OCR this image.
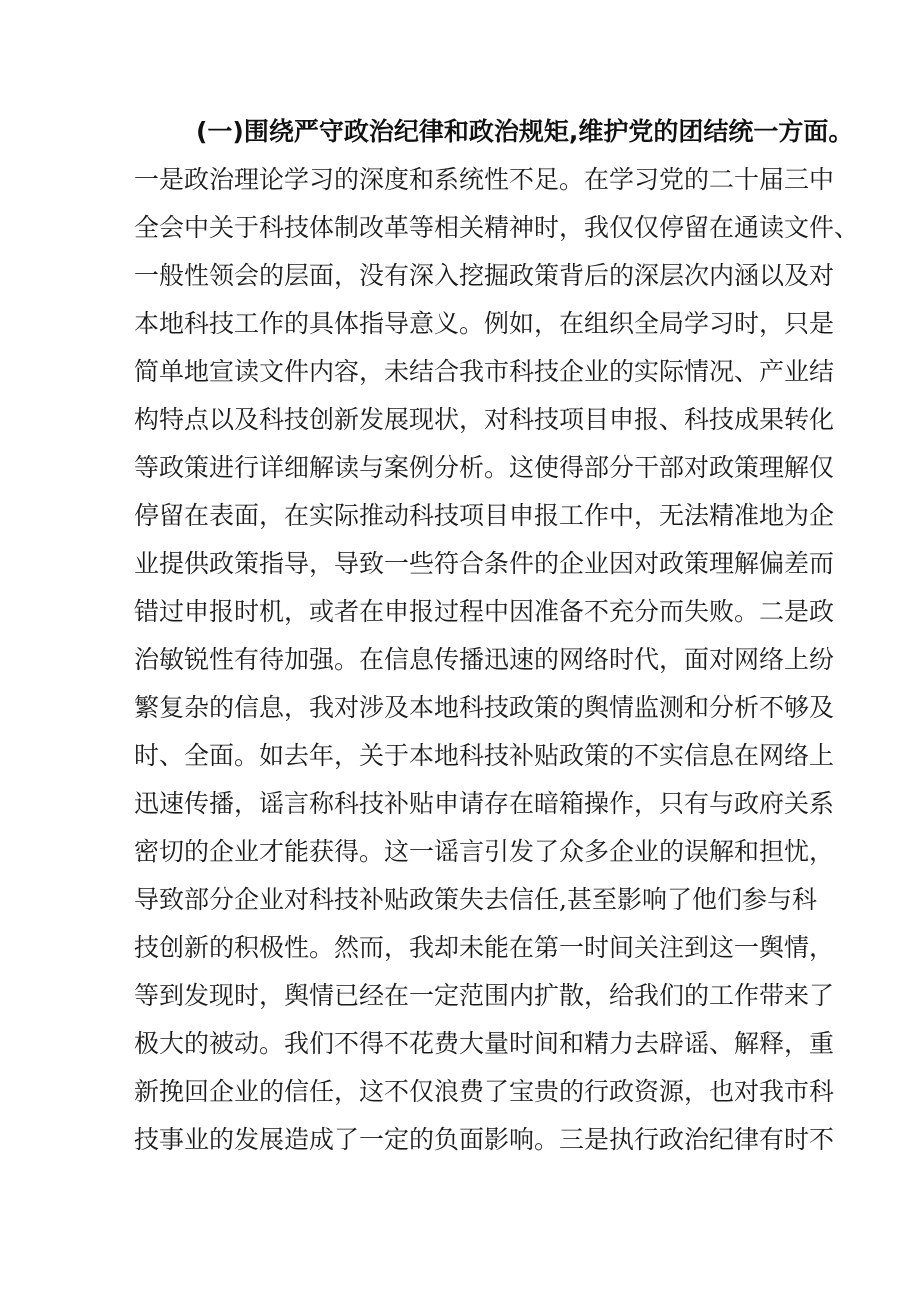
(一)围绕严守政治纪律和政治规矩,维护党的团结统一方面。
一是政治理论学习的深度和系统性不足。在学习党的二十届三中
全会中关于科技体制改革等相关精神时，我仅仅停留在通读文件、
一般性领会的层面，没有深入挖掘政策背后的深层次内涵以及对
本地科技工作的具体指导意义。例如，在组织全局学习时，只是
简单地宣读文件内容，未结合我市科技企业的实际情况、产业结
构特点以及科技创新发展现状，对科技项目申报、科技成果转化
等政策进行详细解读与案例分析。这使得部分干部对政策理解仅
停留在表面，在实际推动科技项目申报工作中，无法精准地为企
业提供政策指导，导致一些符合条件的企业因对政策理解偏差而
错过申报时机，或者在申报过程中因准备不充分而失败。二是政
治敏锐性有待加强。在信息传播迅速的网络时代，面对网络上纷
繁复杂的信息，我对涉及本地科技政策的舆情监测和分析不够及
时、全面。如去年，关于本地科技补贴政策的不实信息在网络上
迅速传播，谣言称科技补贴申请存在暗箱操作，只有与政府关系
密切的企业才能获得。这一谣言引发了众多企业的误解和担忧，
导致部分企业对科技补贴政策失去信任,甚至影响了他们参与科
技创新的积极性。然而，我却未能在第一时间关注到这一舆情，
等到发现时，舆情已经在一定范围内扩散，给我们的工作带来了
极大的被动。我们不得不花费大量时间和精力去辟谣、解释，重
新挽回企业的信任，这不仅浪费了宝贵的行政资源，也对我市科
技事业的发展造成了一定的负面影响。三是执行政治纪律有时不
